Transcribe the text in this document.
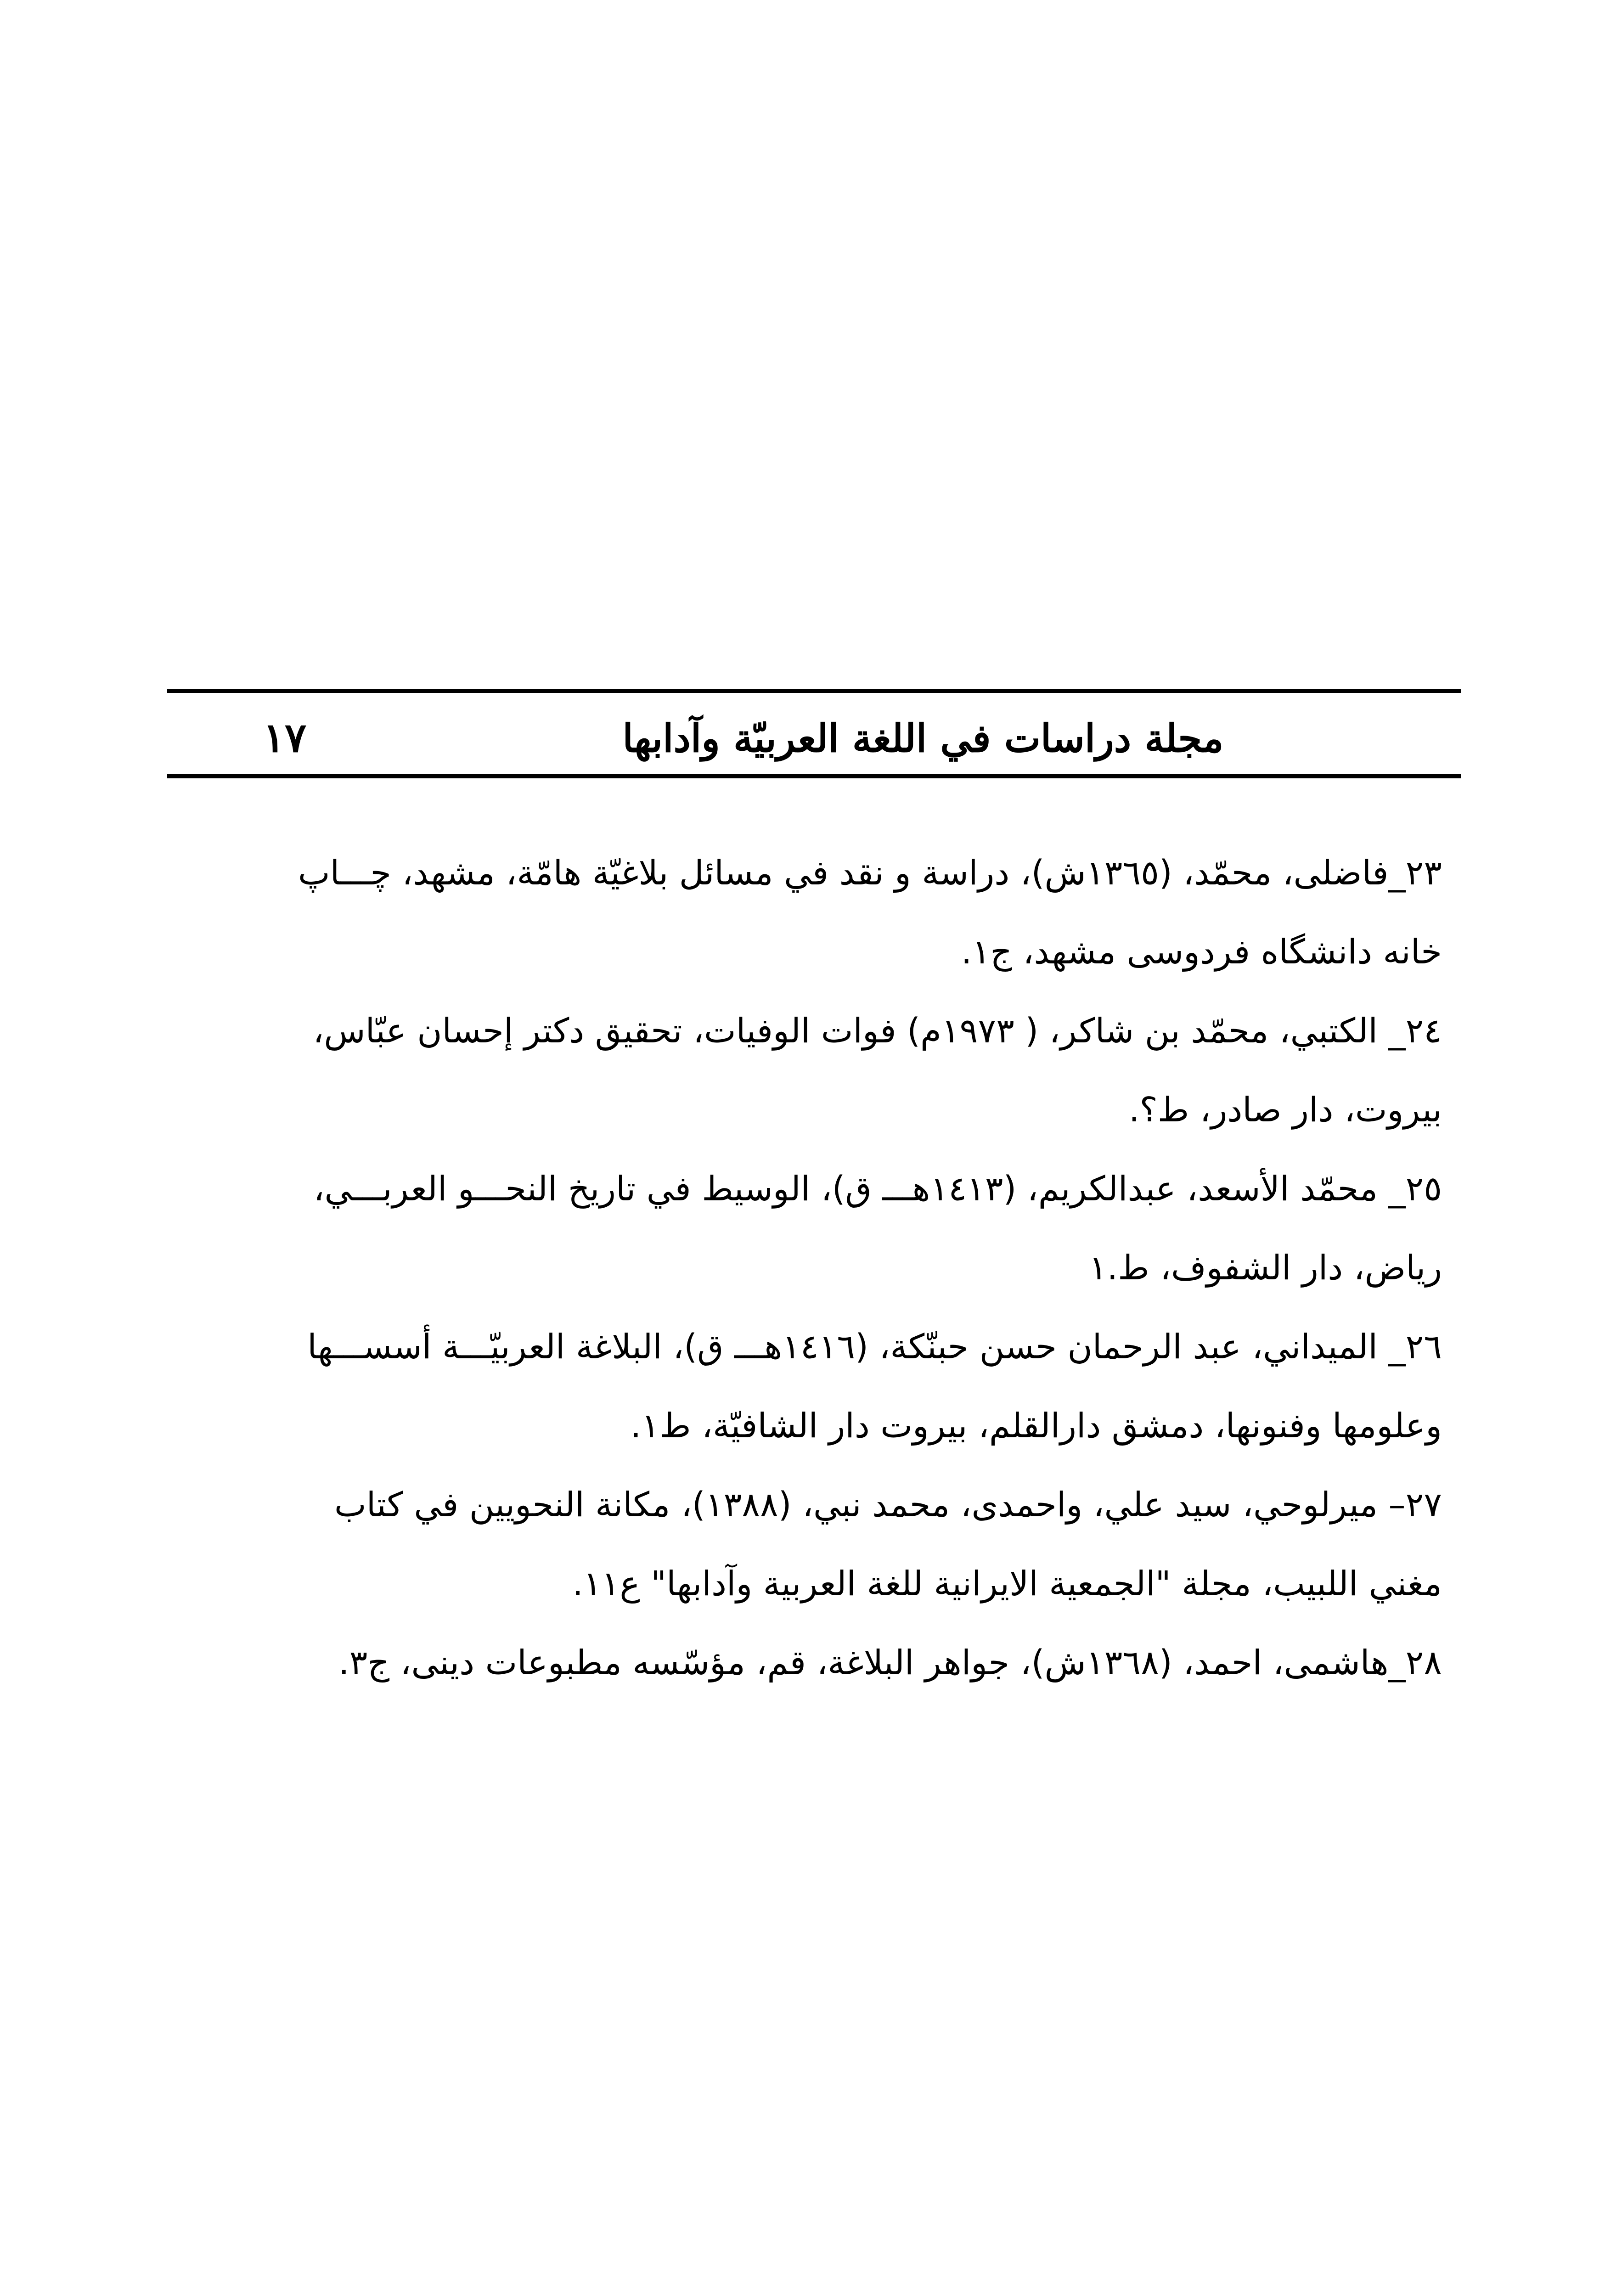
مجلة دراسات في اللغة العربيّة وآدابها
١٧
٢٣_فاضلى، محمّد، (١٣٦٥ش)، دراسة و نقد في مسائل بلاغيّة هامّة، مشهد، چـــاپ
خانه دانشگاه فردوسى مشهد، ج١.
٢٤_ الكتبي، محمّد بن شاكر، ( ١٩٧٣م) فوات الوفيات، تحقيق دكتر إحسان عبّاس،
بيروت، دار صادر، ط؟.
٢٥_ محمّد الأسعد، عبدالكريم، (١٤١٣هـــ ق)، الوسيط في تاريخ النحـــو العربـــي،
رياض، دار الشفوف، ط.١
٢٦_ الميداني، عبد الرحمان حسن حبنّكة، (١٤١٦هـــ ق)، البلاغة العربيّـــة أسســـها
وعلومها وفنونها، دمشق دارالقلم، بيروت دار الشافيّة، ط١.
٢٧– ميرلوحي، سيد علي، واحمدى، محمد نبي، (١٣٨٨)، مكانة النحويين في كتاب
مغني اللبيب، مجلة "الجمعية الايرانية للغة العربية وآدابها" ع١١.
٢٨_هاشمى، احمد، (١٣٦٨ش)، جواهر البلاغة، قم، مؤسّسه مطبوعات دينى، ج٣.
